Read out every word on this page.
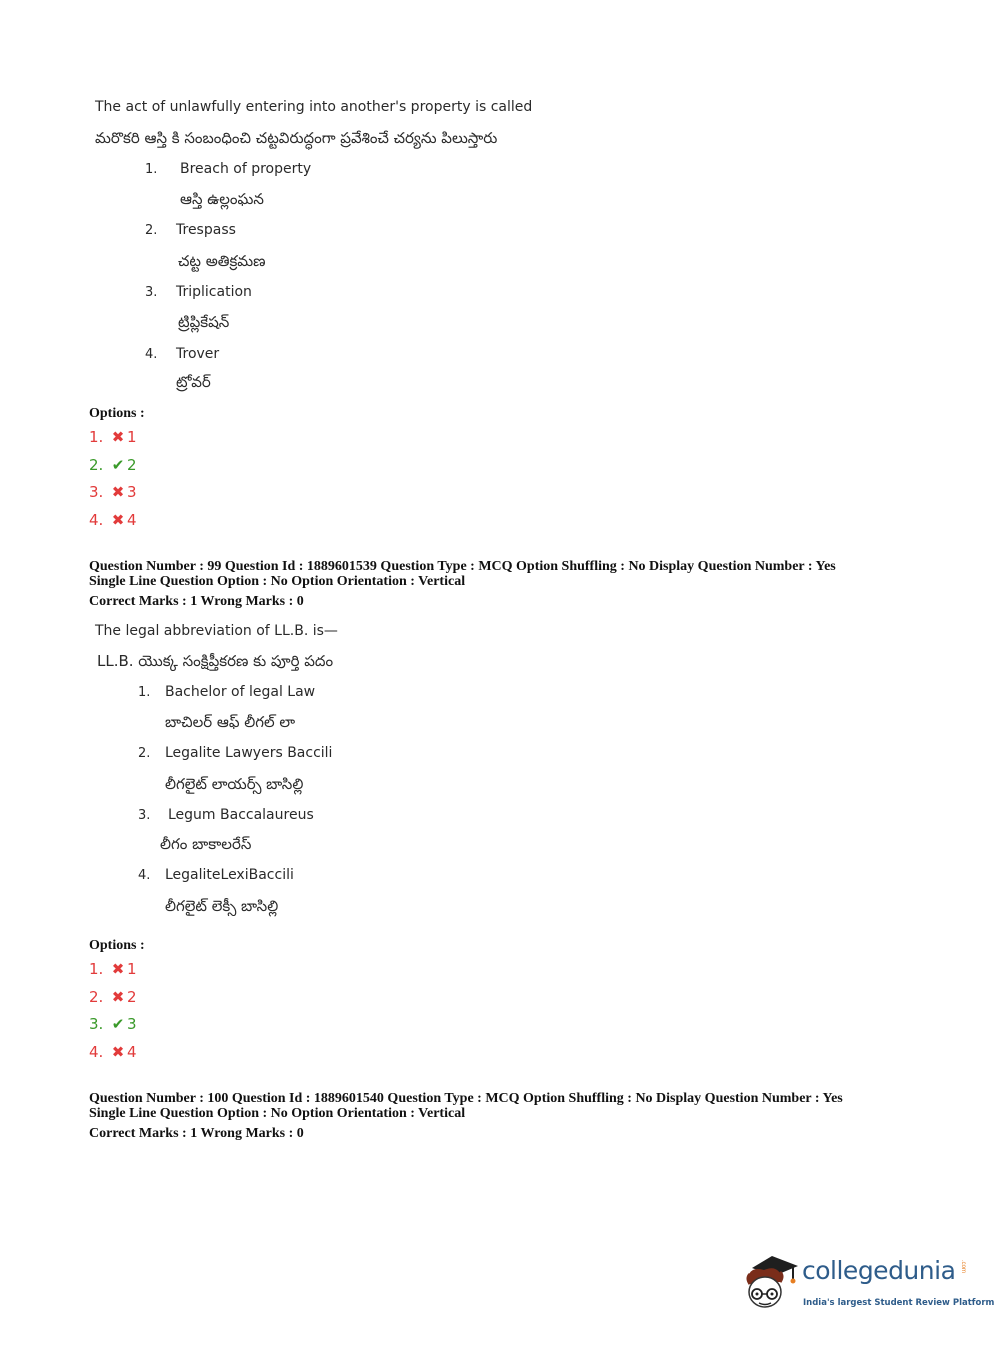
The act of unlawfully entering into another's property is called
మరొకరి ఆస్తి కి సంబంధించి చట్టవిరుద్ధంగా ప్రవేశించే చర్యను పిలుస్తారు
1. Breach of property
ఆస్తి ఉల్లంఘన
2. Trespass
చట్ట అతిక్రమణ
3. Triplication
ట్రిప్లికేషన్
4. Trover
ట్రోవర్
Options :
1. ✖ 1
2. ✔ 2
3. ✖ 3
4. ✖ 4
Question Number : 99 Question Id : 1889601539 Question Type : MCQ Option Shuffling : No Display Question Number : Yes
Single Line Question Option : No Option Orientation : Vertical
Correct Marks : 1 Wrong Marks : 0
The legal abbreviation of LL.B. is—
LL.B. యొక్క సంక్షిప్తీకరణ కు పూర్తి పదం
1. Bachelor of legal Law
బాచిలర్ ఆఫ్ లీగల్ లా
2. Legalite Lawyers Baccili
లీగలైట్ లాయర్స్ బాసిల్లి
3. Legum Baccalaureus
లీగం బాకాలరేస్
4. LegaliteLexiBaccili
లీగలైట్ లెక్సీ బాసిల్లి
Options :
1. ✖ 1
2. ✖ 2
3. ✔ 3
4. ✖ 4
Question Number : 100 Question Id : 1889601540 Question Type : MCQ Option Shuffling : No Display Question Number : Yes
Single Line Question Option : No Option Orientation : Vertical
Correct Marks : 1 Wrong Marks : 0
collegedunia .com
India's largest Student Review Platform
